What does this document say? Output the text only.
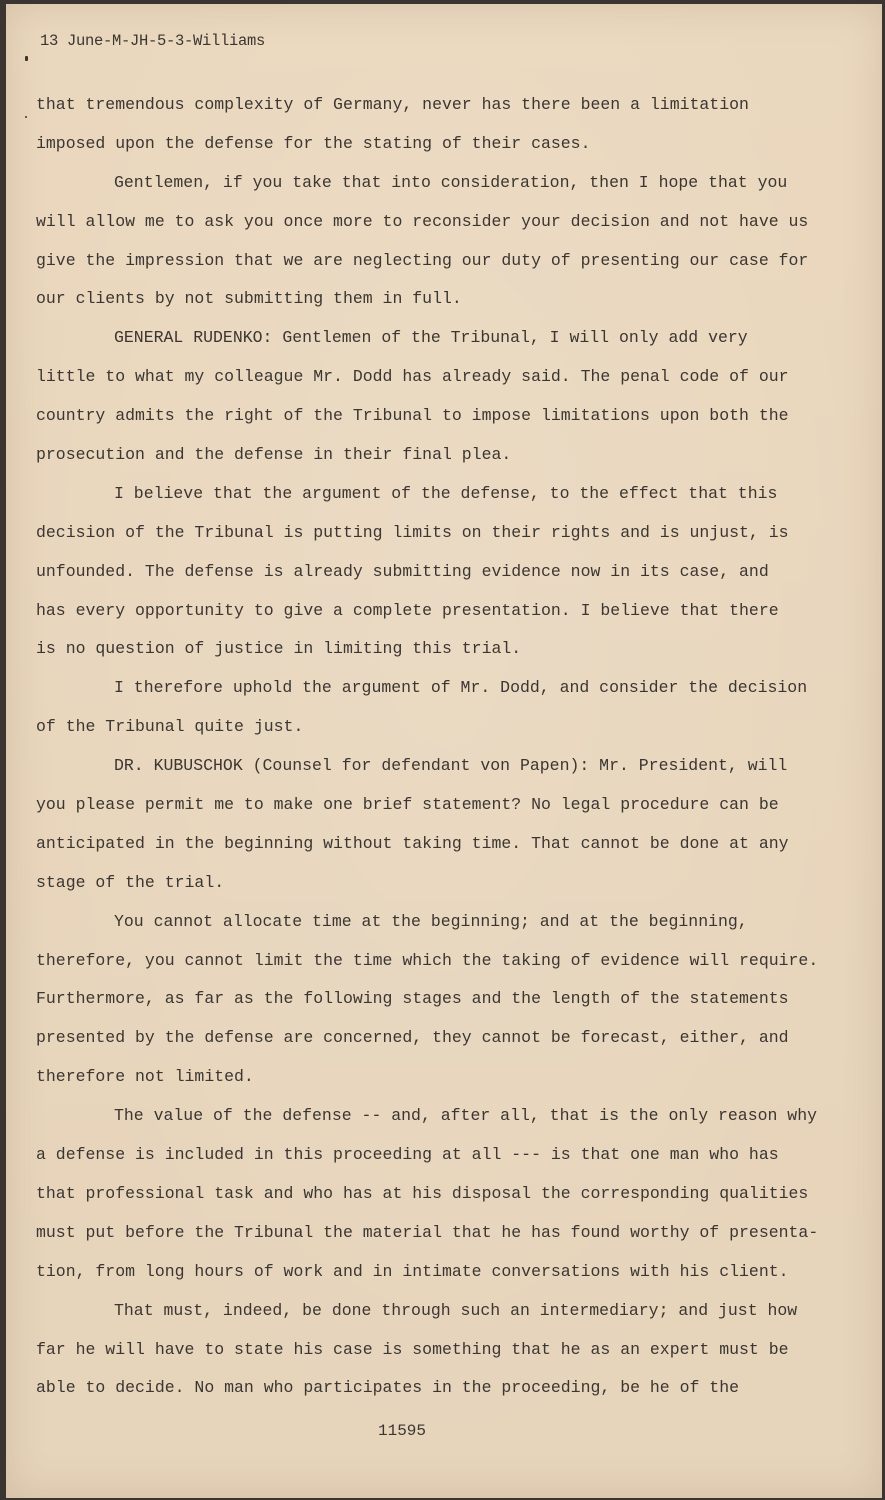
13 June-M-JH-5-3-Williams
that tremendous complexity of Germany, never has there been a limitation
imposed upon the defense for the stating of their cases.
Gentlemen, if you take that into consideration, then I hope that you
will allow me to ask you once more to reconsider your decision and not have us
give the impression that we are neglecting our duty of presenting our case for
our clients by not submitting them in full.
GENERAL RUDENKO: Gentlemen of the Tribunal, I will only add very
little to what my colleague Mr. Dodd has already said. The penal code of our
country admits the right of the Tribunal to impose limitations upon both the
prosecution and the defense in their final plea.
I believe that the argument of the defense, to the effect that this
decision of the Tribunal is putting limits on their rights and is unjust, is
unfounded. The defense is already submitting evidence now in its case, and
has every opportunity to give a complete presentation. I believe that there
is no question of justice in limiting this trial.
I therefore uphold the argument of Mr. Dodd, and consider the decision
of the Tribunal quite just.
DR. KUBUSCHOK (Counsel for defendant von Papen): Mr. President, will
you please permit me to make one brief statement? No legal procedure can be
anticipated in the beginning without taking time. That cannot be done at any
stage of the trial.
You cannot allocate time at the beginning; and at the beginning,
therefore, you cannot limit the time which the taking of evidence will require.
Furthermore, as far as the following stages and the length of the statements
presented by the defense are concerned, they cannot be forecast, either, and
therefore not limited.
The value of the defense -- and, after all, that is the only reason why
a defense is included in this proceeding at all --- is that one man who has
that professional task and who has at his disposal the corresponding qualities
must put before the Tribunal the material that he has found worthy of presenta-
tion, from long hours of work and in intimate conversations with his client.
That must, indeed, be done through such an intermediary; and just how
far he will have to state his case is something that he as an expert must be
able to decide. No man who participates in the proceeding, be he of the
11595
